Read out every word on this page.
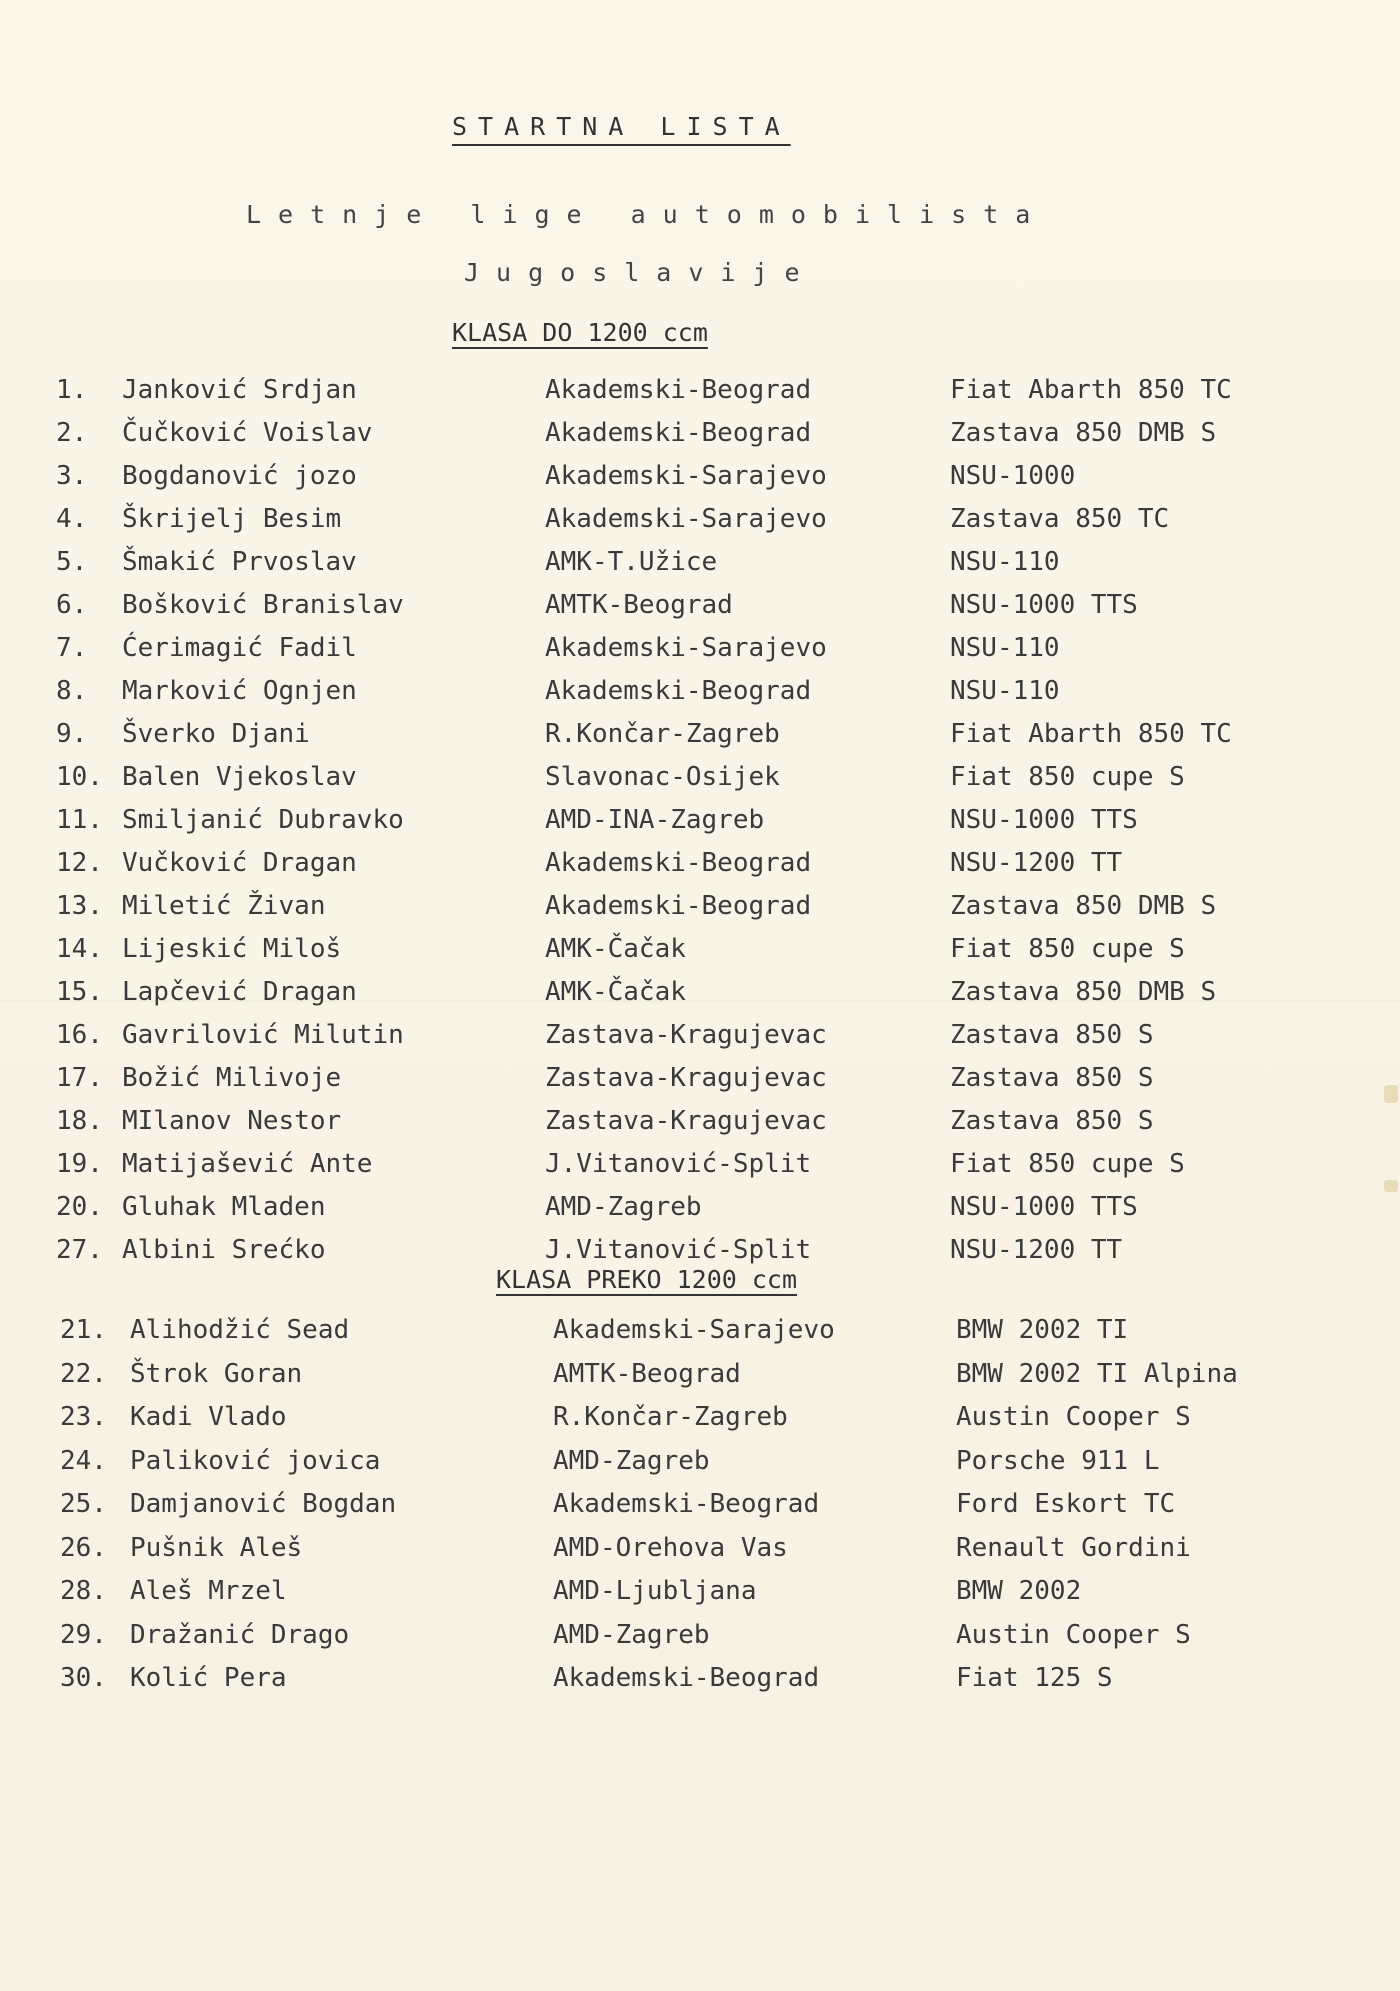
STARTNA LISTA
Letnje lige automobilista
Jugoslavije
KLASA DO 1200 ccm
1. Janković Srdjan	Akademski-Beograd	Fiat Abarth 850 TC
2. Čučković Voislav	Akademski-Beograd	Zastava 850 DMB S
3. Bogdanović jozo	Akademski-Sarajevo	NSU-1000
4. Škrijelj Besim	Akademski-Sarajevo	Zastava 850 TC
5. Šmakić Prvoslav	AMK-T.Užice	NSU-110
6. Bošković Branislav	AMTK-Beograd	NSU-1000 TTS
7. Ćerimagić Fadil	Akademski-Sarajevo	NSU-110
8. Marković Ognjen	Akademski-Beograd	NSU-110
9. Šverko Djani	R.Končar-Zagreb	Fiat Abarth 850 TC
10. Balen Vjekoslav	Slavonac-Osijek	Fiat 850 cupe S
11. Smiljanić Dubravko	AMD-INA-Zagreb	NSU-1000 TTS
12. Vučković Dragan	Akademski-Beograd	NSU-1200 TT
13. Miletić Živan	Akademski-Beograd	Zastava 850 DMB S
14. Lijeskić Miloš	AMK-Čačak	Fiat 850 cupe S
15. Lapčević Dragan	AMK-Čačak	Zastava 850 DMB S
16. Gavrilović Milutin	Zastava-Kragujevac	Zastava 850 S
17. Božić Milivoje	Zastava-Kragujevac	Zastava 850 S
18. MIlanov Nestor	Zastava-Kragujevac	Zastava 850 S
19. Matijašević Ante	J.Vitanović-Split	Fiat 850 cupe S
20. Gluhak Mladen	AMD-Zagreb	NSU-1000 TTS
27. Albini Srećko	J.Vitanović-Split	NSU-1200 TT
KLASA PREKO 1200 ccm
21. Alihodžić Sead	Akademski-Sarajevo	BMW 2002 TI
22. Štrok Goran	AMTK-Beograd	BMW 2002 TI Alpina
23. Kadi Vlado	R.Končar-Zagreb	Austin Cooper S
24. Paliković jovica	AMD-Zagreb	Porsche 911 L
25. Damjanović Bogdan	Akademski-Beograd	Ford Eskort TC
26. Pušnik Aleš	AMD-Orehova Vas	Renault Gordini
28. Aleš Mrzel	AMD-Ljubljana	BMW 2002
29. Dražanić Drago	AMD-Zagreb	Austin Cooper S
30. Kolić Pera	Akademski-Beograd	Fiat 125 S
